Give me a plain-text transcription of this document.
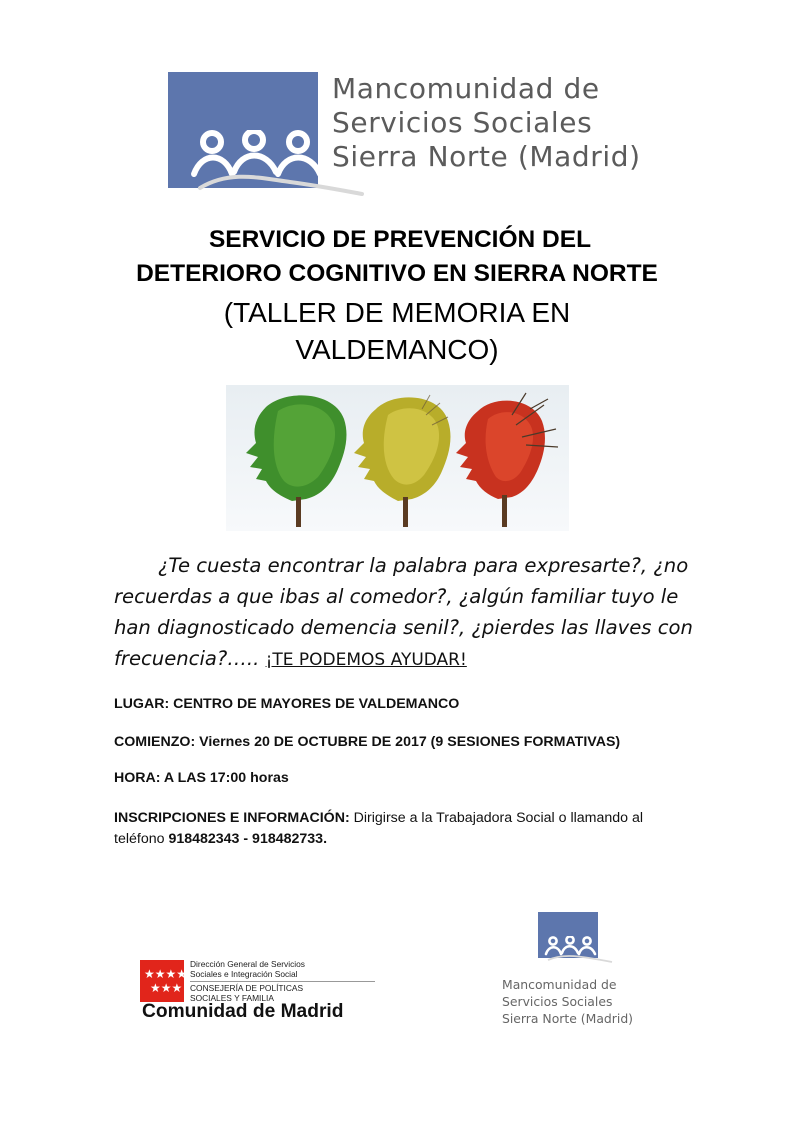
Mancomunidad de
Servicios Sociales
Sierra Norte (Madrid)
SERVICIO DE PREVENCIÓN DEL
DETERIORO COGNITIVO EN SIERRA NORTE
(TALLER DE MEMORIA EN
VALDEMANCO)
¿Te cuesta encontrar la palabra para expresarte?, ¿no recuerdas a que ibas al comedor?, ¿algún familiar tuyo le han diagnosticado demencia senil?, ¿pierdes las llaves con frecuencia?….. ¡TE PODEMOS AYUDAR!
LUGAR: CENTRO DE MAYORES DE VALDEMANCO
COMIENZO: Viernes 20 DE OCTUBRE DE 2017 (9 SESIONES FORMATIVAS)
HORA: A LAS 17:00 horas
INSCRIPCIONES E INFORMACIÓN: Dirigirse a la Trabajadora Social o llamando al teléfono 918482343 - 918482733.
★★★★
★★★
Dirección General de Servicios
Sociales e Integración Social
CONSEJERÍA DE POLÍTICAS
SOCIALES Y FAMILIA
Comunidad de Madrid
Mancomunidad de
Servicios Sociales
Sierra Norte (Madrid)
